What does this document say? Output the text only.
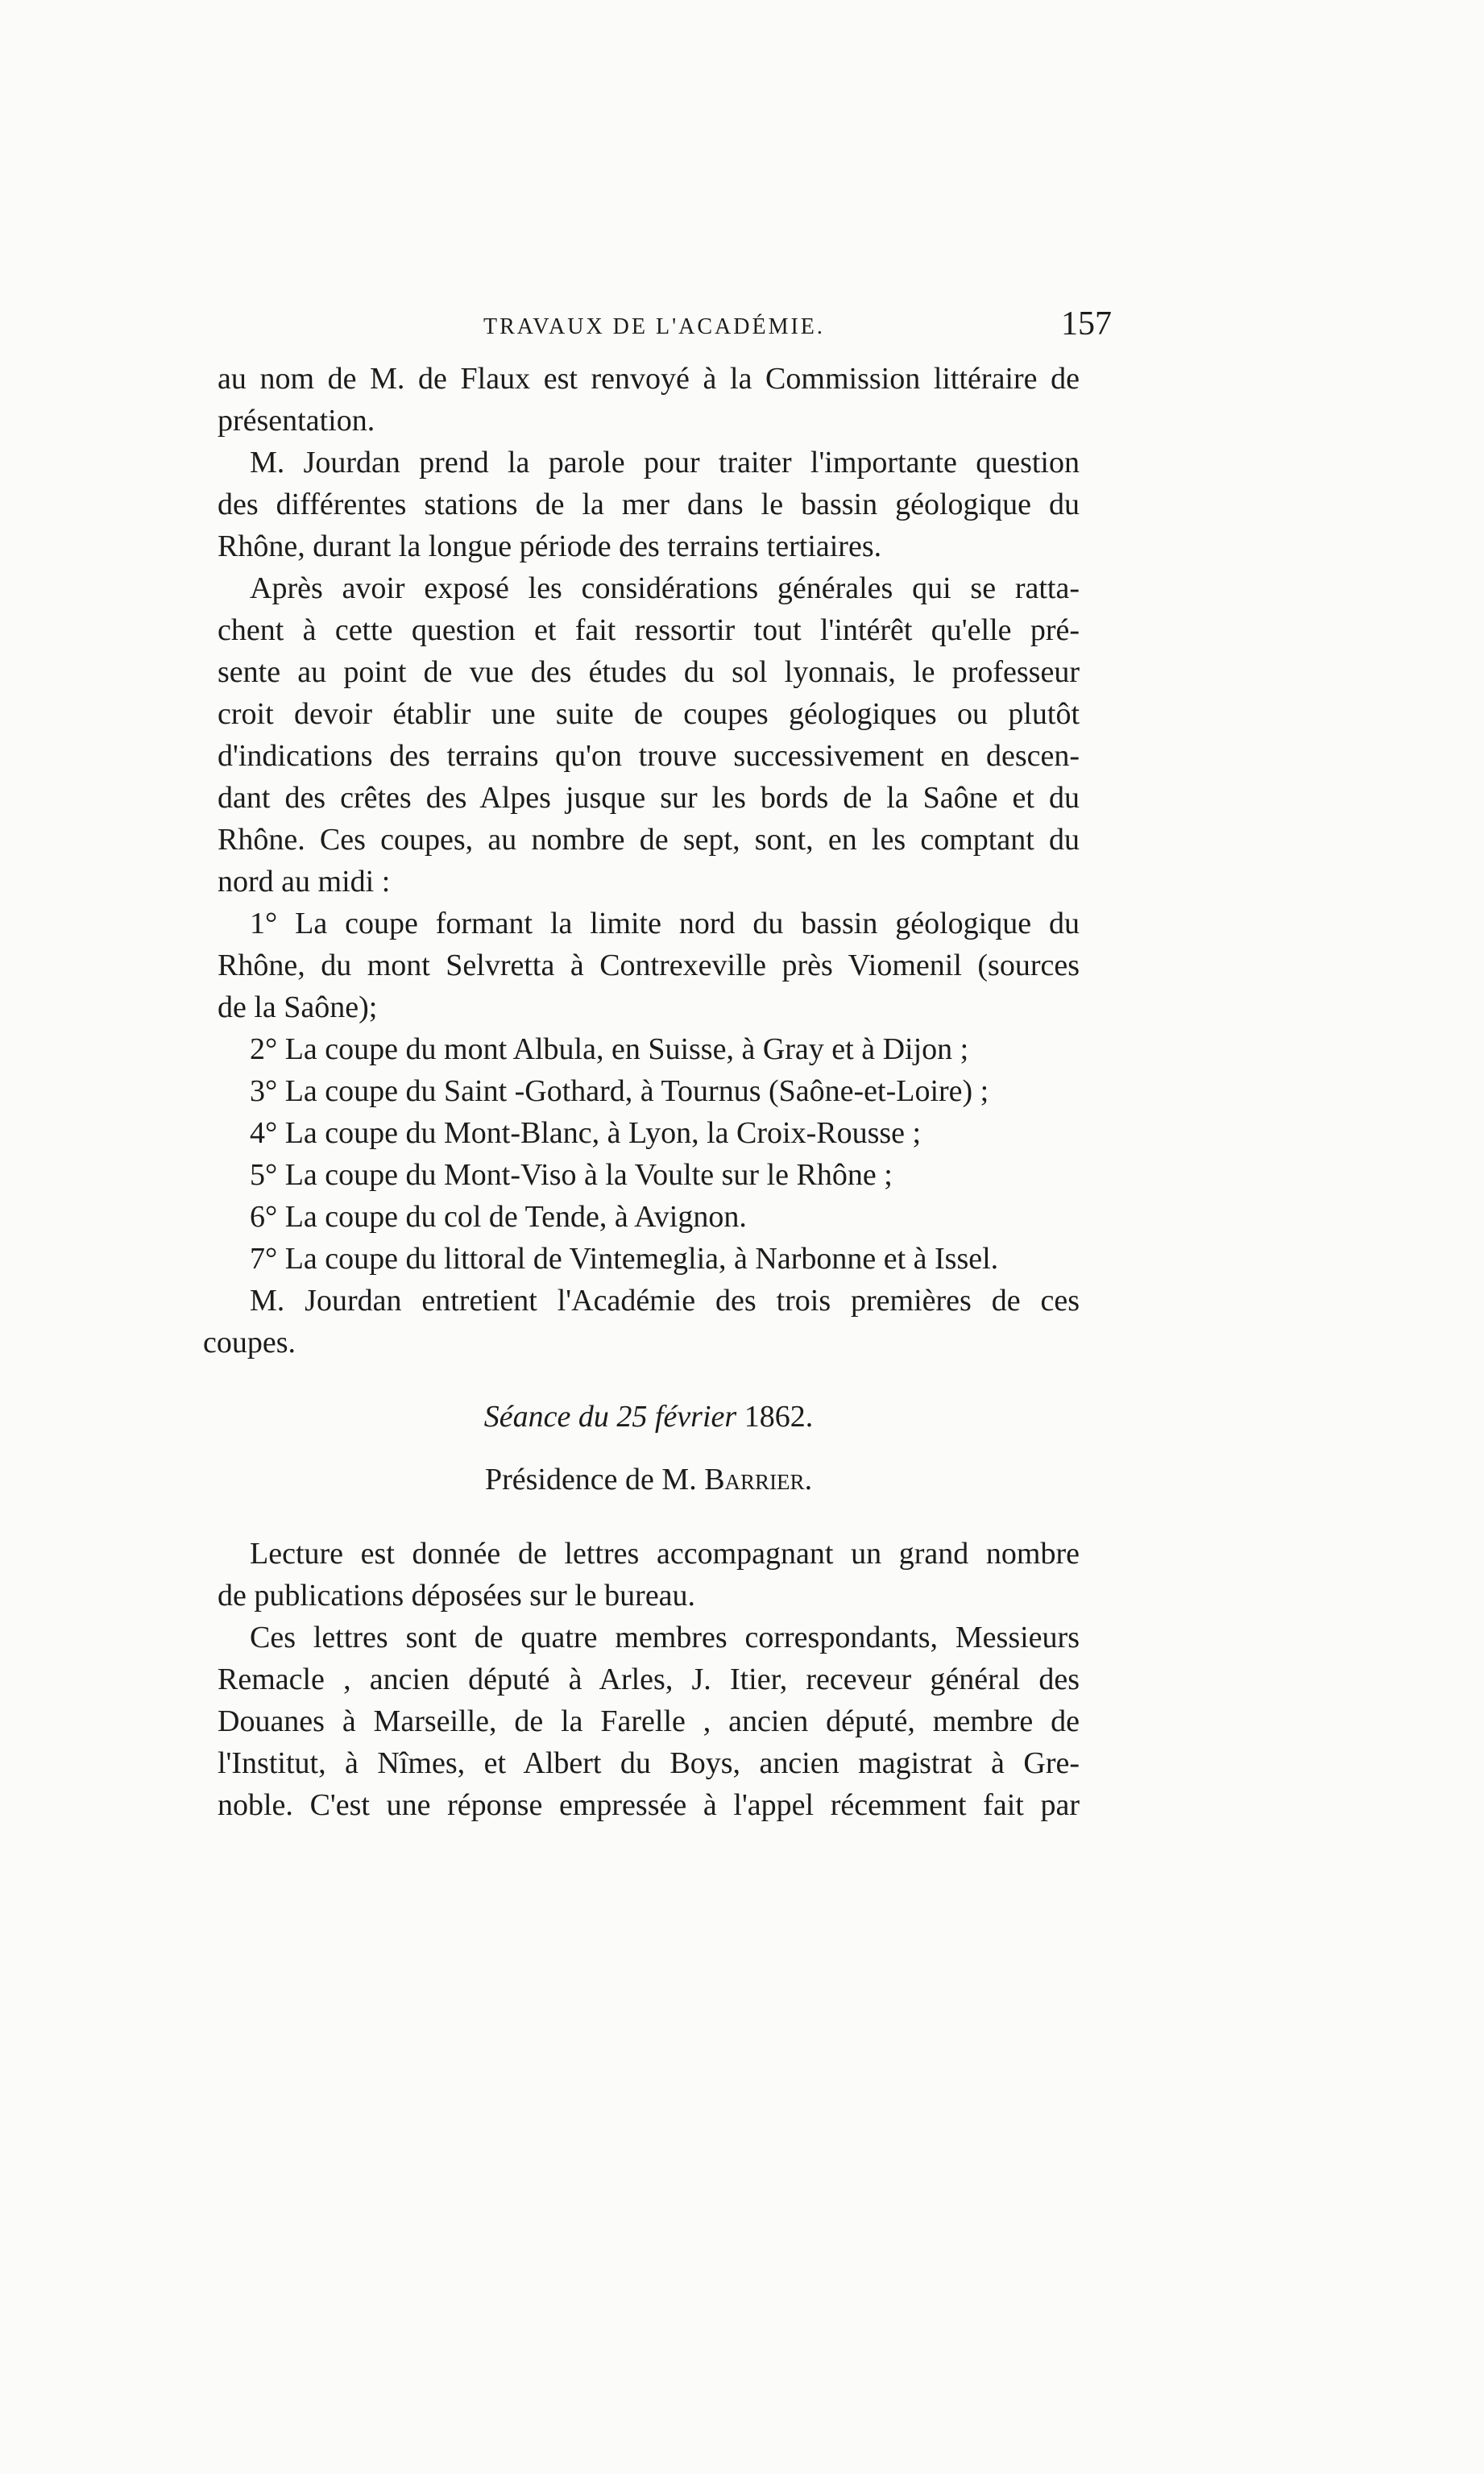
TRAVAUX DE L'ACADÉMIE.	157
au nom de M. de Flaux est renvoyé à la Commission littéraire de
présentation.
M. Jourdan prend la parole pour traiter l'importante question
des différentes stations de la mer dans le bassin géologique du
Rhône, durant la longue période des terrains tertiaires.
Après avoir exposé les considérations générales qui se ratta-
chent à cette question et fait ressortir tout l'intérêt qu'elle pré-
sente au point de vue des études du sol lyonnais, le professeur
croit devoir établir une suite de coupes géologiques ou plutôt
d'indications des terrains qu'on trouve successivement en descen-
dant des crêtes des Alpes jusque sur les bords de la Saône et du
Rhône. Ces coupes, au nombre de sept, sont, en les comptant du
nord au midi :
1° La coupe formant la limite nord du bassin géologique du
Rhône, du mont Selvretta à Contrexeville près Viomenil (sources
de la Saône);
2° La coupe du mont Albula, en Suisse, à Gray et à Dijon ;
3° La coupe du Saint -Gothard, à Tournus (Saône-et-Loire) ;
4° La coupe du Mont-Blanc, à Lyon, la Croix-Rousse ;
5° La coupe du Mont-Viso à la Voulte sur le Rhône ;
6° La coupe du col de Tende, à Avignon.
7° La coupe du littoral de Vintemeglia, à Narbonne et à Issel.
M. Jourdan entretient l'Académie des trois premières de ces
coupes.
Séance du 25 février 1862.
Présidence de M. Barrier.
Lecture est donnée de lettres accompagnant un grand nombre
de publications déposées sur le bureau.
Ces lettres sont de quatre membres correspondants, Messieurs
Remacle , ancien député à Arles, J. Itier, receveur général des
Douanes à Marseille, de la Farelle , ancien député, membre de
l'Institut, à Nîmes, et Albert du Boys, ancien magistrat à Gre-
noble. C'est une réponse empressée à l'appel récemment fait par
